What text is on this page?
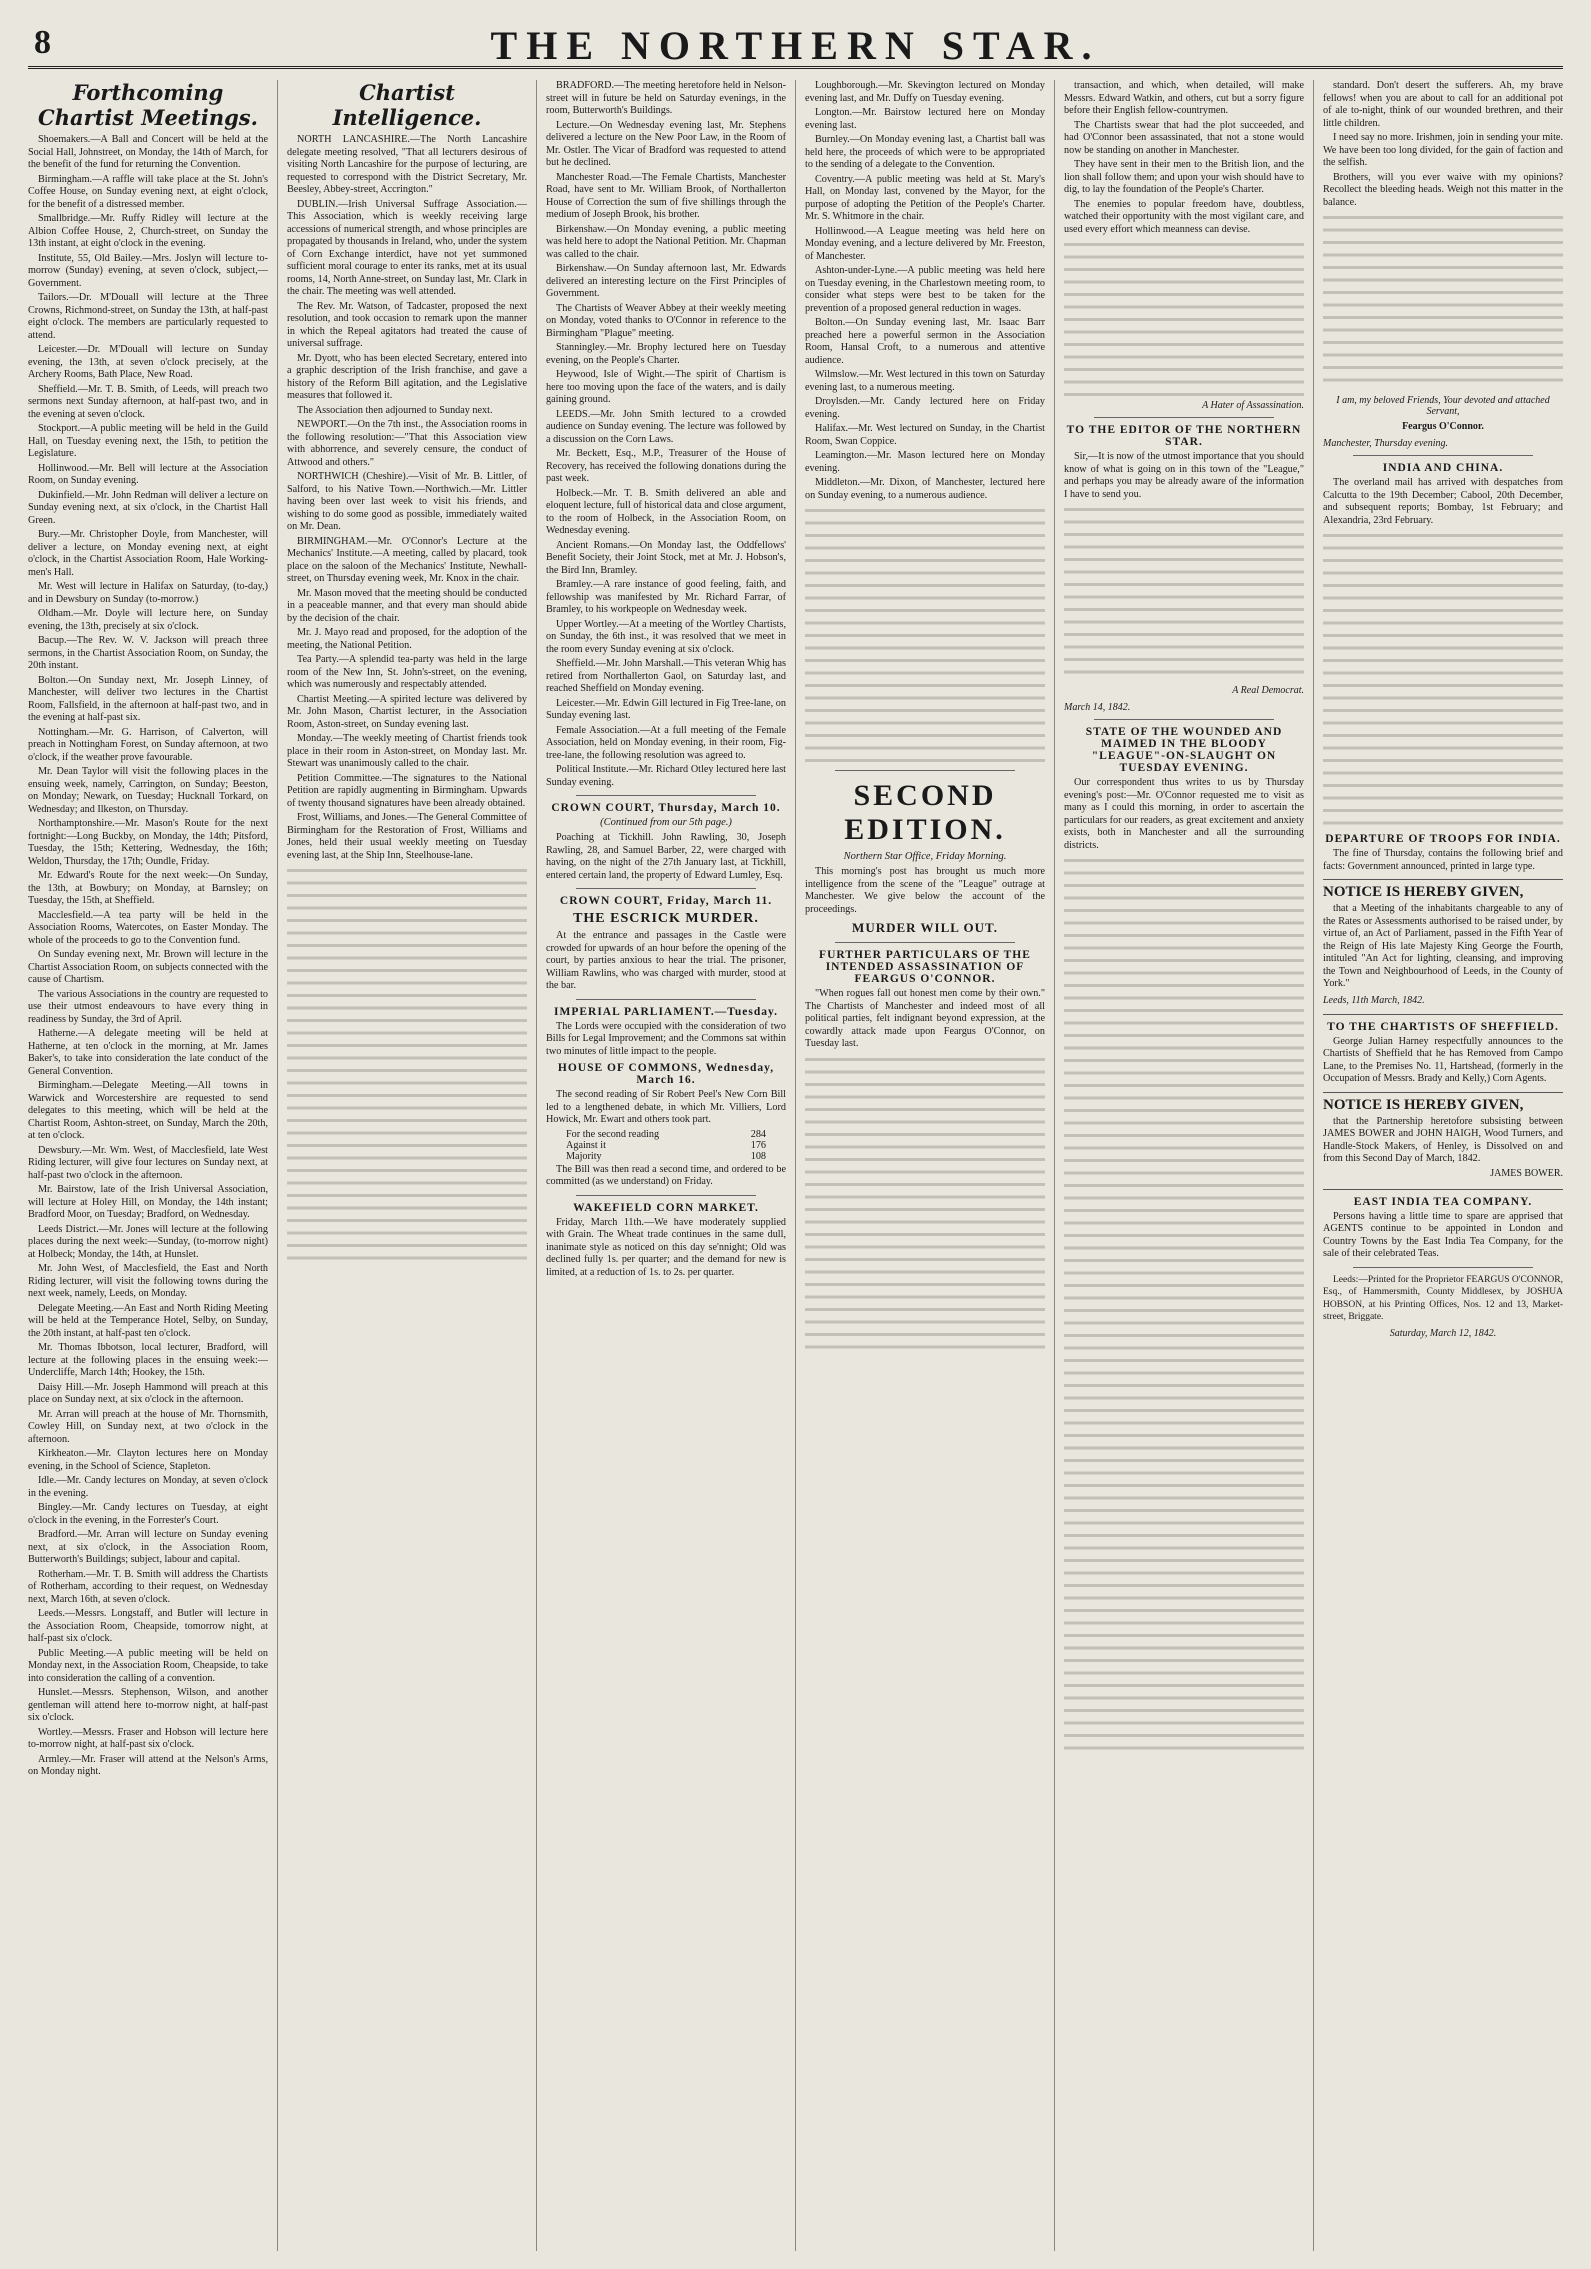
8	THE NORTHERN STAR.
Forthcoming Chartist Meetings.

Shoemakers.—A Ball and Concert will be held at the Social Hall, Johnstreet, on Monday, the 14th of March, for the benefit of the fund for returning the Convention.

Birmingham.—A raffle will take place at the St. John's Coffee House, on Sunday evening next, at eight o'clock, for the benefit of a distressed member.

Smallbridge.—Mr. Ruffy Ridley will lecture at the Albion Coffee House, 2, Church-street, on Sunday the 13th instant, at eight o'clock in the evening.

Institute, 55, Old Bailey.—Mrs. Joslyn will lecture to-morrow (Sunday) evening, at seven o'clock, subject,—Government.

Tailors.—Dr. M'Douall will lecture at the Three Crowns, Richmond-street, on Sunday the 13th, at half-past eight o'clock. The members are particularly requested to attend.

Leicester.—Dr. M'Douall will lecture on Sunday evening, the 13th, at seven o'clock precisely, at the Archery Rooms, Bath Place, New Road.

Sheffield.—Mr. T. B. Smith, of Leeds, will preach two sermons next Sunday afternoon, at half-past two, and in the evening at seven o'clock.

Stockport.—A public meeting will be held in the Guild Hall, on Tuesday evening next, the 15th, to petition the Legislature.

Hollinwood.—Mr. Bell will lecture at the Association Room, on Sunday evening.

Dukinfield.—Mr. John Redman will deliver a lecture on Sunday evening next, at six o'clock, in the Chartist Hall Green.

Bury.—Mr. Christopher Doyle, from Manchester, will deliver a lecture, on Monday evening next, at eight o'clock, in the Chartist Association Room, Hale Working-men's Hall.

Mr. West will lecture in Halifax on Saturday, (to-day,) and in Dewsbury on Sunday (to-morrow.)

Oldham.—Mr. Doyle will lecture here, on Sunday evening, the 13th, precisely at six o'clock.

Bacup.—The Rev. W. V. Jackson will preach three sermons, in the Chartist Association Room, on Sunday, the 20th instant.

Bolton.—On Sunday next, Mr. Joseph Linney, of Manchester, will deliver two lectures in the Chartist Room, Fallsfield, in the afternoon at half-past two, and in the evening at half-past six.

Nottingham.—Mr. G. Harrison, of Calverton, will preach in Nottingham Forest, on Sunday afternoon, at two o'clock, if the weather prove favourable.

Mr. Dean Taylor will visit the following places in the ensuing week, namely, Carrington, on Sunday; Beeston, on Monday; Newark, on Tuesday; Hucknall Torkard, on Wednesday; and Ilkeston, on Thursday.

Northamptonshire.—Mr. Mason's Route for the next fortnight:—Long Buckby, on Monday, the 14th; Pitsford, Tuesday, the 15th; Kettering, Wednesday, the 16th; Weldon, Thursday, the 17th; Oundle, Friday.

Mr. Edward's Route for the next week:—On Sunday, the 13th, at Bowbury; on Monday, at Barnsley; on Tuesday, the 15th, at Sheffield.

Macclesfield.—A tea party will be held in the Association Rooms, Watercotes, on Easter Monday. The whole of the proceeds to go to the Convention fund.

On Sunday evening next, Mr. Brown will lecture in the Chartist Association Room, on subjects connected with the cause of Chartism.

The various Associations in the country are requested to use their utmost endeavours to have every thing in readiness by Sunday, the 3rd of April.

Hatherne.—A delegate meeting will be held at Hatherne, at ten o'clock in the morning, at Mr. James Baker's, to take into consideration the late conduct of the General Convention.

Birmingham.—Delegate Meeting.—All towns in Warwick and Worcestershire are requested to send delegates to this meeting, which will be held at the Chartist Room, Ashton-street, on Sunday, March the 20th, at ten o'clock.

Dewsbury.—Mr. Wm. West, of Macclesfield, late West Riding lecturer, will give four lectures on Sunday next, at half-past two o'clock in the afternoon.

Mr. Bairstow, late of the Irish Universal Association, will lecture at Holey Hill, on Monday, the 14th instant; Bradford Moor, on Tuesday; Bradford, on Wednesday.

Leeds District.—Mr. Jones will lecture at the following places during the next week:—Sunday, (to-morrow night) at Holbeck; Monday, the 14th, at Hunslet.

Mr. John West, of Macclesfield, the East and North Riding lecturer, will visit the following towns during the next week, namely, Leeds, on Monday.

Delegate Meeting.—An East and North Riding Meeting will be held at the Temperance Hotel, Selby, on Sunday, the 20th instant, at half-past ten o'clock.

Mr. Thomas Ibbotson, local lecturer, Bradford, will lecture at the following places in the ensuing week:—Undercliffe, March 14th; Hookey, the 15th.

Daisy Hill.—Mr. Joseph Hammond will preach at this place on Sunday next, at six o'clock in the afternoon.

Mr. Arran will preach at the house of Mr. Thornsmith, Cowley Hill, on Sunday next, at two o'clock in the afternoon.

Kirkheaton.—Mr. Clayton lectures here on Monday evening, in the School of Science, Stapleton.

Idle.—Mr. Candy lectures on Monday, at seven o'clock in the evening.

Bingley.—Mr. Candy lectures on Tuesday, at eight o'clock in the evening, in the Forrester's Court.

Bradford.—Mr. Arran will lecture on Sunday evening next, at six o'clock, in the Association Room, Butterworth's Buildings; subject, labour and capital.

Rotherham.—Mr. T. B. Smith will address the Chartists of Rotherham, according to their request, on Wednesday next, March 16th, at seven o'clock.

Leeds.—Messrs. Longstaff, and Butler will lecture in the Association Room, Cheapside, tomorrow night, at half-past six o'clock.

Public Meeting.—A public meeting will be held on Monday next, in the Association Room, Cheapside, to take into consideration the calling of a convention.

Hunslet.—Messrs. Stephenson, Wilson, and another gentleman will attend here to-morrow night, at half-past six o'clock.

Wortley.—Messrs. Fraser and Hobson will lecture here to-morrow night, at half-past six o'clock.

Armley.—Mr. Fraser will attend at the Nelson's Arms, on Monday night.

Chartist Intelligence.

NORTH LANCASHIRE.—The North Lancashire delegate meeting resolved, "That all lecturers desirous of visiting North Lancashire for the purpose of lecturing, are requested to correspond with the District Secretary, Mr. Beesley, Abbey-street, Accrington."

DUBLIN.—Irish Universal Suffrage Association.—This Association, which is weekly receiving large accessions of numerical strength, and whose principles are propagated by thousands in Ireland, who, under the system of Corn Exchange interdict, have not yet summoned sufficient moral courage to enter its ranks, met at its usual rooms, 14, North Anne-street, on Sunday last, Mr. Clark in the chair. The meeting was well attended.

The Rev. Mr. Watson, of Tadcaster, proposed the next resolution, and took occasion to remark upon the manner in which the Repeal agitators had treated the cause of universal suffrage.

Mr. Dyott, who has been elected Secretary, entered into a graphic description of the Irish franchise, and gave a history of the Reform Bill agitation, and the Legislative measures that followed it.

The Association then adjourned to Sunday next.

NEWPORT.—On the 7th inst., the Association rooms in the following resolution:—"That this Association view with abhorrence, and severely censure, the conduct of Attwood and others."

NORTHWICH (Cheshire).—Visit of Mr. B. Littler, of Salford, to his Native Town.—Northwich.—Mr. Littler having been over last week to visit his friends, and wishing to do some good as possible, immediately waited on Mr. Dean.

BIRMINGHAM.—Mr. O'Connor's Lecture at the Mechanics' Institute.—A meeting, called by placard, took place on the saloon of the Mechanics' Institute, Newhall-street, on Thursday evening week, Mr. Knox in the chair.

Mr. Mason moved that the meeting should be conducted in a peaceable manner, and that every man should abide by the decision of the chair.

Mr. J. Mayo read and proposed, for the adoption of the meeting, the National Petition.

Tea Party.—A splendid tea-party was held in the large room of the New Inn, St. John's-street, on the evening, which was numerously and respectably attended.

Chartist Meeting.—A spirited lecture was delivered by Mr. John Mason, Chartist lecturer, in the Association Room, Aston-street, on Sunday evening last.

Monday.—The weekly meeting of Chartist friends took place in their room in Aston-street, on Monday last. Mr. Stewart was unanimously called to the chair.

Petition Committee.—The signatures to the National Petition are rapidly augmenting in Birmingham. Upwards of twenty thousand signatures have been already obtained.

Frost, Williams, and Jones.—The General Committee of Birmingham for the Restoration of Frost, Williams and Jones, held their usual weekly meeting on Tuesday evening last, at the Ship Inn, Steelhouse-lane.

BRADFORD.—The meeting heretofore held in Nelson-street will in future be held on Saturday evenings, in the room, Butterworth's Buildings.

Lecture.—On Wednesday evening last, Mr. Stephens delivered a lecture on the New Poor Law, in the Room of Mr. Ostler. The Vicar of Bradford was requested to attend but he declined.

Manchester Road.—The Female Chartists, Manchester Road, have sent to Mr. William Brook, of Northallerton House of Correction the sum of five shillings through the medium of Joseph Brook, his brother.

Birkenshaw.—On Monday evening, a public meeting was held here to adopt the National Petition. Mr. Chapman was called to the chair.

Birkenshaw.—On Sunday afternoon last, Mr. Edwards delivered an interesting lecture on the First Principles of Government.

The Chartists of Weaver Abbey at their weekly meeting on Monday, voted thanks to O'Connor in reference to the Birmingham "Plague" meeting.

Stanningley.—Mr. Brophy lectured here on Tuesday evening, on the People's Charter.

Heywood, Isle of Wight.—The spirit of Chartism is here too moving upon the face of the waters, and is daily gaining ground.

LEEDS.—Mr. John Smith lectured to a crowded audience on Sunday evening. The lecture was followed by a discussion on the Corn Laws.

Mr. Beckett, Esq., M.P., Treasurer of the House of Recovery, has received the following donations during the past week.

Holbeck.—Mr. T. B. Smith delivered an able and eloquent lecture, full of historical data and close argument, to the room of Holbeck, in the Association Room, on Wednesday evening.

Ancient Romans.—On Monday last, the Oddfellows' Benefit Society, their Joint Stock, met at Mr. J. Hobson's, the Bird Inn, Bramley.

Bramley.—A rare instance of good feeling, faith, and fellowship was manifested by Mr. Richard Farrar, of Bramley, to his workpeople on Wednesday week.

Upper Wortley.—At a meeting of the Wortley Chartists, on Sunday, the 6th inst., it was resolved that we meet in the room every Sunday evening at six o'clock.

Sheffield.—Mr. John Marshall.—This veteran Whig has retired from Northallerton Gaol, on Saturday last, and reached Sheffield on Monday evening.

Leicester.—Mr. Edwin Gill lectured in Fig Tree-lane, on Sunday evening last.

Female Association.—At a full meeting of the Female Association, held on Monday evening, in their room, Fig-tree-lane, the following resolution was agreed to.

Political Institute.—Mr. Richard Otley lectured here last Sunday evening.

CROWN COURT, Thursday, March 10.
(Continued from our 5th page.)

Poaching at Tickhill. John Rawling, 30, Joseph Rawling, 28, and Samuel Barber, 22, were charged with having, on the night of the 27th January last, at Tickhill, entered certain land, the property of Edward Lumley, Esq.

CROWN COURT, Friday, March 11.
THE ESCRICK MURDER.

At the entrance and passages in the Castle were crowded for upwards of an hour before the opening of the court, by parties anxious to hear the trial. The prisoner, William Rawlins, who was charged with murder, stood at the bar.

IMPERIAL PARLIAMENT.—Tuesday.

The Lords were occupied with the consideration of two Bills for Legal Improvement; and the Commons sat within two minutes of little impact to the people.

HOUSE OF COMMONS, Wednesday, March 16.

The second reading of Sir Robert Peel's New Corn Bill led to a lengthened debate, in which Mr. Villiers, Lord Howick, Mr. Ewart and others took part.

For the second reading	284
Against it	176
Majority	108

The Bill was then read a second time, and ordered to be committed (as we understand) on Friday.

WAKEFIELD CORN MARKET.

Friday, March 11th.—We have moderately supplied with Grain. The Wheat trade continues in the same dull, inanimate style as noticed on this day se'nnight; Old was declined fully 1s. per quarter; and the demand for new is limited, at a reduction of 1s. to 2s. per quarter.

Loughborough.—Mr. Skevington lectured on Monday evening last, and Mr. Duffy on Tuesday evening.

Longton.—Mr. Bairstow lectured here on Monday evening last.

Burnley.—On Monday evening last, a Chartist ball was held here, the proceeds of which were to be appropriated to the sending of a delegate to the Convention.

Coventry.—A public meeting was held at St. Mary's Hall, on Monday last, convened by the Mayor, for the purpose of adopting the Petition of the People's Charter. Mr. S. Whitmore in the chair.

Hollinwood.—A League meeting was held here on Monday evening, and a lecture delivered by Mr. Freeston, of Manchester.

Ashton-under-Lyne.—A public meeting was held here on Tuesday evening, in the Charlestown meeting room, to consider what steps were best to be taken for the prevention of a proposed general reduction in wages.

Bolton.—On Sunday evening last, Mr. Isaac Barr preached here a powerful sermon in the Association Room, Hansal Croft, to a numerous and attentive audience.

Wilmslow.—Mr. West lectured in this town on Saturday evening last, to a numerous meeting.

Droylsden.—Mr. Candy lectured here on Friday evening.

Halifax.—Mr. West lectured on Sunday, in the Chartist Room, Swan Coppice.

Leamington.—Mr. Mason lectured here on Monday evening.

Middleton.—Mr. Dixon, of Manchester, lectured here on Sunday evening, to a numerous audience.

SECOND EDITION.
Northern Star Office, Friday Morning.

This morning's post has brought us much more intelligence from the scene of the "League" outrage at Manchester. We give below the account of the proceedings.

MURDER WILL OUT.
FURTHER PARTICULARS OF THE INTENDED ASSASSINATION OF FEARGUS O'CONNOR.

"When rogues fall out honest men come by their own." The Chartists of Manchester and indeed most of all political parties, felt indignant beyond expression, at the cowardly attack made upon Feargus O'Connor, on Tuesday last.

transaction, and which, when detailed, will make Messrs. Edward Watkin, and others, cut but a sorry figure before their English fellow-countrymen.

The Chartists swear that had the plot succeeded, and had O'Connor been assassinated, that not a stone would now be standing on another in Manchester.

They have sent in their men to the British lion, and the lion shall follow them; and upon your wish should have to dig, to lay the foundation of the People's Charter.

The enemies to popular freedom have, doubtless, watched their opportunity with the most vigilant care, and used every effort which meanness can devise.

A Hater of Assassination.
TO THE EDITOR OF THE NORTHERN STAR.

Sir,—It is now of the utmost importance that you should know of what is going on in this town of the "League," and perhaps you may be already aware of the information I have to send you.

A Real Democrat.
March 14, 1842.
STATE OF THE WOUNDED AND MAIMED IN THE BLOODY "LEAGUE"-ON-SLAUGHT ON TUESDAY EVENING.

Our correspondent thus writes to us by Thursday evening's post:—Mr. O'Connor requested me to visit as many as I could this morning, in order to ascertain the particulars for our readers, as great excitement and anxiety exists, both in Manchester and all the surrounding districts.

standard. Don't desert the sufferers. Ah, my brave fellows! when you are about to call for an additional pot of ale to-night, think of our wounded brethren, and their little children.

I need say no more. Irishmen, join in sending your mite. We have been too long divided, for the gain of faction and the selfish.

Brothers, will you ever waive with my opinions? Recollect the bleeding heads. Weigh not this matter in the balance.

I am, my beloved Friends, Your devoted and attached Servant,
Feargus O'Connor.
Manchester, Thursday evening.
INDIA AND CHINA.

The overland mail has arrived with despatches from Calcutta to the 19th December; Cabool, 20th December, and subsequent reports; Bombay, 1st February; and Alexandria, 23rd February.

DEPARTURE OF TROOPS FOR INDIA.

The fine of Thursday, contains the following brief and facts: Government announced, printed in large type.

NOTICE IS HEREBY GIVEN,

that a Meeting of the inhabitants chargeable to any of the Rates or Assessments authorised to be raised under, by virtue of, an Act of Parliament, passed in the Fifth Year of the Reign of His late Majesty King George the Fourth, intituled "An Act for lighting, cleansing, and improving the Town and Neighbourhood of Leeds, in the County of York."

Leeds, 11th March, 1842.
TO THE CHARTISTS OF SHEFFIELD.

George Julian Harney respectfully announces to the Chartists of Sheffield that he has Removed from Campo Lane, to the Premises No. 11, Hartshead, (formerly in the Occupation of Messrs. Brady and Kelly,) Corn Agents.

NOTICE IS HEREBY GIVEN,

that the Partnership heretofore subsisting between JAMES BOWER and JOHN HAIGH, Wood Turners, and Handle-Stock Makers, of Henley, is Dissolved on and from this Second Day of March, 1842.

JAMES BOWER.
EAST INDIA TEA COMPANY.

Persons having a little time to spare are apprised that AGENTS continue to be appointed in London and Country Towns by the East India Tea Company, for the sale of their celebrated Teas.

Leeds:—Printed for the Proprietor FEARGUS O'CONNOR, Esq., of Hammersmith, County Middlesex, by JOSHUA HOBSON, at his Printing Offices, Nos. 12 and 13, Market-street, Briggate.

Saturday, March 12, 1842.
